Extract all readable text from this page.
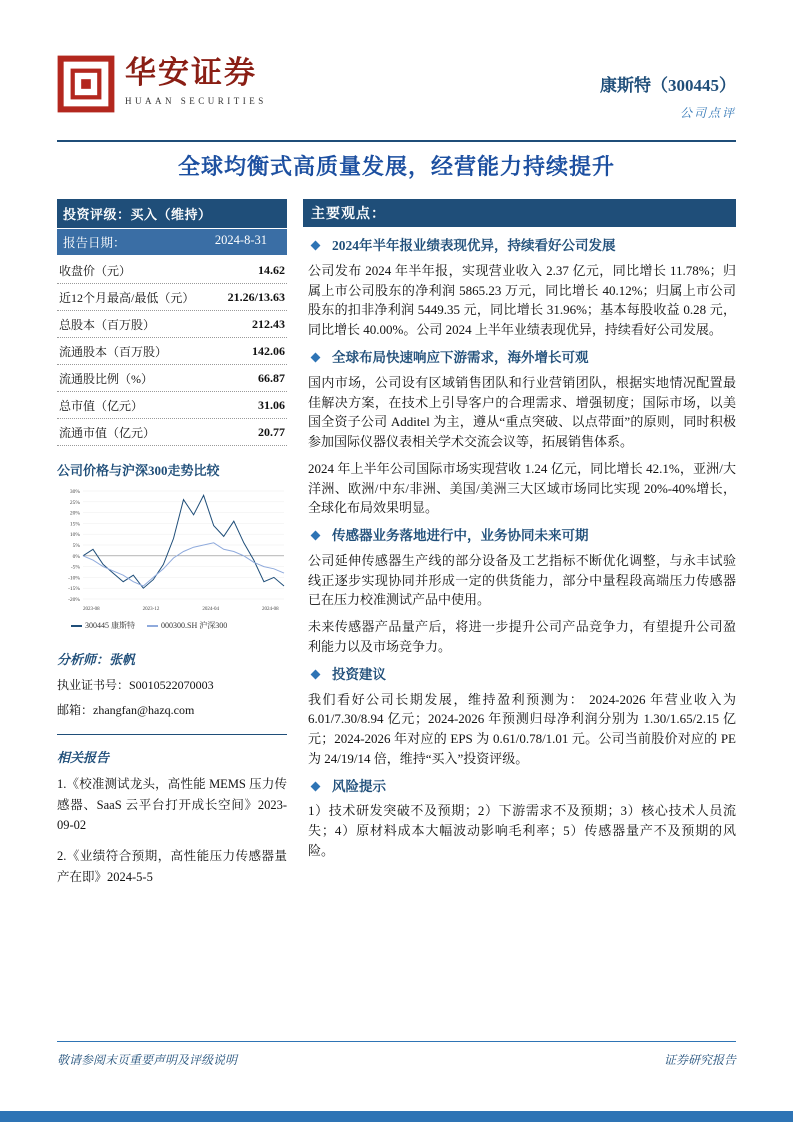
华安证券
HUAAN SECURITIES
康斯特（300445）
公司点评
全球均衡式高质量发展，经营能力持续提升
投资评级：买入（维持）
报告日期：	2024-8-31
收盘价（元）	14.62
近12个月最高/最低（元）	21.26/13.63
总股本（百万股）	212.43
流通股本（百万股）	142.06
流通股比例（%）	66.87
总市值（亿元）	31.06
流通市值（亿元）	20.77
公司价格与沪深300走势比较
30%
25%
20%
15%
10%
5%
0%
-5%
-10%
-15%
-20%
2023-08	2023-12	2024-04	2024-08
300445 康斯特	000300.SH 沪深300
分析师：张帆
执业证书号：S0010522070003
邮箱：zhangfan@hazq.com
相关报告

1.《校准测试龙头，高性能 MEMS 压力传感器、SaaS 云平台打开成长空间》2023-09-02

2.《业绩符合预期，高性能压力传感器量产在即》2024-5-5

主要观点：
2024年半年报业绩表现优异，持续看好公司发展

公司发布 2024 年半年报，实现营业收入 2.37 亿元，同比增长 11.78%；归属上市公司股东的净利润 5865.23 万元，同比增长 40.12%；归属上市公司股东的扣非净利润 5449.35 元，同比增长 31.96%；基本每股收益 0.28 元，同比增长 40.00%。公司 2024 上半年业绩表现优异，持续看好公司发展。

全球布局快速响应下游需求，海外增长可观

国内市场，公司设有区域销售团队和行业营销团队，根据实地情况配置最佳解决方案，在技术上引导客户的合理需求、增强韧度；国际市场，以美国全资子公司 Additel 为主，遵从“重点突破、以点带面”的原则，同时积极参加国际仪器仪表相关学术交流会议等，拓展销售体系。

2024 年上半年公司国际市场实现营收 1.24 亿元，同比增长 42.1%，亚洲/大洋洲、欧洲/中东/非洲、美国/美洲三大区域市场同比实现 20%-40%增长，全球化布局效果明显。

传感器业务落地进行中，业务协同未来可期

公司延伸传感器生产线的部分设备及工艺指标不断优化调整，与永丰试验线正逐步实现协同并形成一定的供货能力，部分中量程段高端压力传感器已在压力校准测试产品中使用。

未来传感器产品量产后，将进一步提升公司产品竞争力，有望提升公司盈利能力以及市场竞争力。

投资建议

我们看好公司长期发展，维持盈利预测为： 2024-2026 年营业收入为 6.01/7.30/8.94 亿元；2024-2026 年预测归母净利润分别为 1.30/1.65/2.15 亿元；2024-2026 年对应的 EPS 为 0.61/0.78/1.01 元。公司当前股价对应的 PE 为 24/19/14 倍，维持“买入”投资评级。

风险提示

1）技术研发突破不及预期；2）下游需求不及预期；3）核心技术人员流失；4）原材料成本大幅波动影响毛利率；5）传感器量产不及预期的风险。

敬请参阅末页重要声明及评级说明	证券研究报告
